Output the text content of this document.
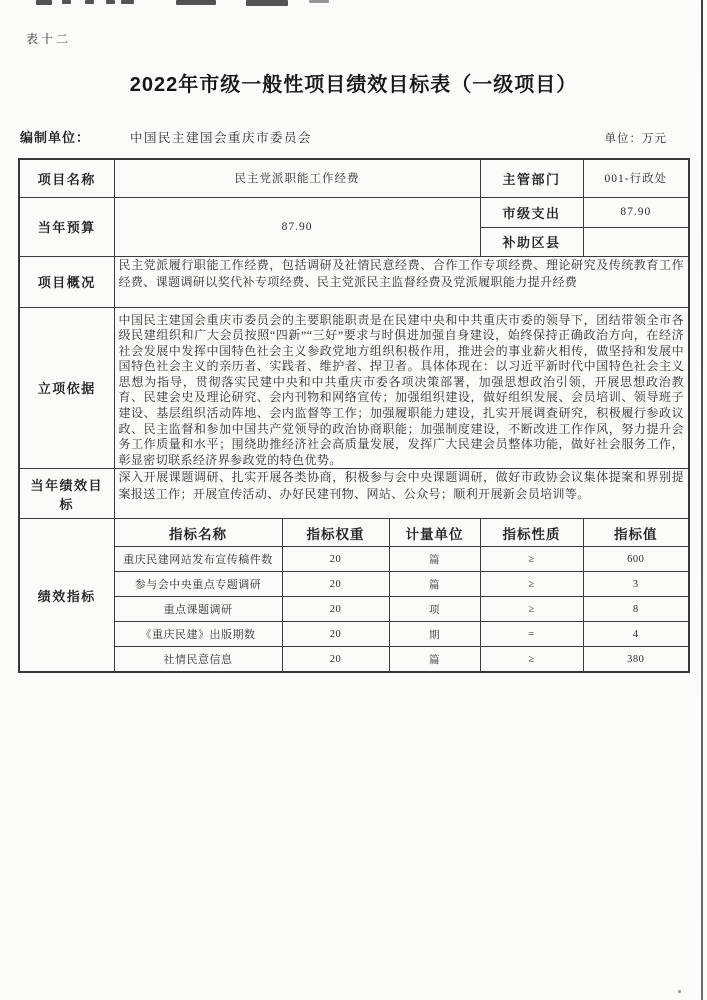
表十二
2022年市级一般性项目绩效目标表（一级项目）
编制单位：	中国民主建国会重庆市委员会	单位：万元
项目名称	民主党派职能工作经费			主管部门	001-行政处
当年预算	87.90			市级支出	87.90
				补助区县	
项目概况	民主党派履行职能工作经费，包括调研及社情民意经费、合作工作专项经费、理论研究及传统教育工作经费、课题调研以奖代补专项经费、民主党派民主监督经费及党派履职能力提升经费				
立项依据	中国民主建国会重庆市委员会的主要职能职责是在民建中央和中共重庆市委的领导下，团结带领全市各级民建组织和广大会员按照“四新”“三好”要求与时俱进加强自身建设，始终保持正确政治方向，在经济社会发展中发挥中国特色社会主义参政党地方组织积极作用，推进会的事业薪火相传，做坚持和发展中国特色社会主义的亲历者、实践者、维护者、捍卫者。具体体现在：以习近平新时代中国特色社会主义思想为指导，贯彻落实民建中央和中共重庆市委各项决策部署，加强思想政治引领，开展思想政治教育、民建会史及理论研究、会内刊物和网络宣传；加强组织建设，做好组织发展、会员培训、领导班子建设、基层组织活动阵地、会内监督等工作；加强履职能力建设，扎实开展调查研究，积极履行参政议政、民主监督和参加中国共产党领导的政治协商职能；加强制度建设，不断改进工作作风，努力提升会务工作质量和水平；围绕助推经济社会高质量发展，发挥广大民建会员整体功能，做好社会服务工作，彰显密切联系经济界参政党的特色优势。				
当年绩效目标	深入开展课题调研、扎实开展各类协商，积极参与会中央课题调研，做好市政协会议集体提案和界别提案报送工作；开展宣传活动、办好民建刊物、网站、公众号；顺利开展新会员培训等。				
绩效指标	指标名称	指标权重	计量单位	指标性质	指标值
	重庆民建网站发布宣传稿件数	20	篇	≥	600
	参与会中央重点专题调研	20	篇	≥	3
	重点课题调研	20	项	≥	8
	《重庆民建》出版期数	20	期	=	4
	社情民意信息	20	篇	≥	380
